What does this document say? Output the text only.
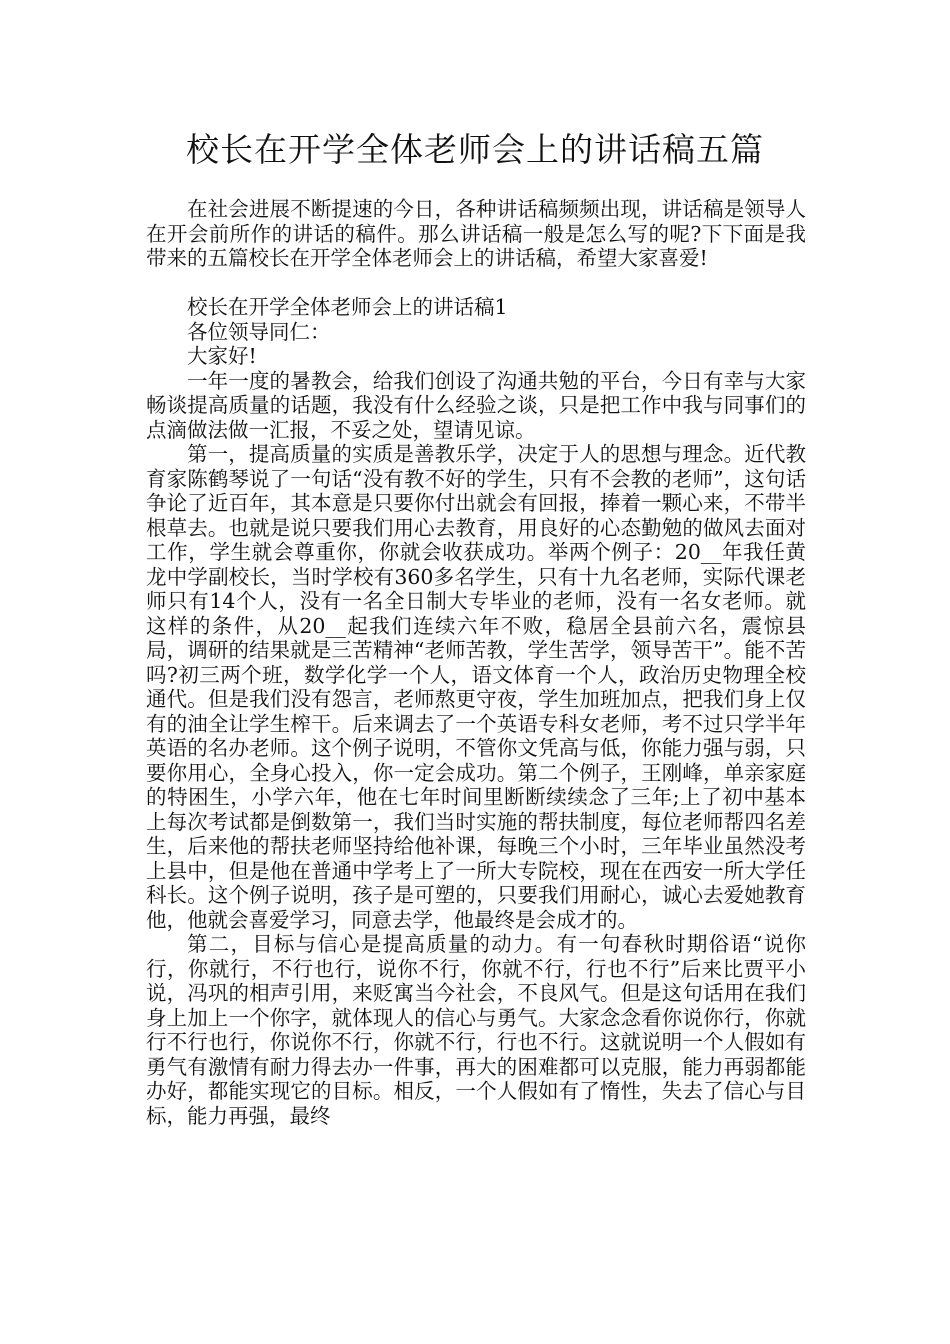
校长在开学全体老师会上的讲话稿五篇

在社会进展不断提速的今日，各种讲话稿频频出现，讲话稿是领导人在开会前所作的讲话的稿件。那么讲话稿一般是怎么写的呢?下下面是我带来的五篇校长在开学全体老师会上的讲话稿，希望大家喜爱!

校长在开学全体老师会上的讲话稿1

各位领导同仁：

大家好!

一年一度的暑教会，给我们创设了沟通共勉的平台，今日有幸与大家畅谈提高质量的话题，我没有什么经验之谈，只是把工作中我与同事们的点滴做法做一汇报，不妥之处，望请见谅。

第一，提高质量的实质是善教乐学，决定于人的思想与理念。近代教育家陈鹤琴说了一句话“没有教不好的学生，只有不会教的老师”，这句话争论了近百年，其本意是只要你付出就会有回报，捧着一颗心来，不带半根草去。也就是说只要我们用心去教育，用良好的心态勤勉的做风去面对工作，学生就会尊重你，你就会收获成功。举两个例子：20__年我任黄龙中学副校长，当时学校有360多名学生，只有十九名老师，实际代课老师只有14个人，没有一名全日制大专毕业的老师，没有一名女老师。就这样的条件，从20__起我们连续六年不败，稳居全县前六名，震惊县局，调研的结果就是三苦精神“老师苦教，学生苦学，领导苦干”。能不苦吗?初三两个班，数学化学一个人，语文体育一个人，政治历史物理全校通代。但是我们没有怨言，老师熬更守夜，学生加班加点，把我们身上仅有的油全让学生榨干。后来调去了一个英语专科女老师，考不过只学半年英语的名办老师。这个例子说明，不管你文凭高与低，你能力强与弱，只要你用心，全身心投入，你一定会成功。第二个例子，王刚峰，单亲家庭的特困生，小学六年，他在七年时间里断断续续念了三年;上了初中基本上每次考试都是倒数第一，我们当时实施的帮扶制度，每位老师帮四名差生，后来他的帮扶老师坚持给他补课，每晚三个小时，三年毕业虽然没考上县中，但是他在普通中学考上了一所大专院校，现在在西安一所大学任科长。这个例子说明，孩子是可塑的，只要我们用耐心，诚心去爱她教育他，他就会喜爱学习，同意去学，他最终是会成才的。

第二，目标与信心是提高质量的动力。有一句春秋时期俗语“说你行，你就行，不行也行，说你不行，你就不行，行也不行”后来比贾平小说，冯巩的相声引用，来贬寓当今社会，不良风气。但是这句话用在我们身上加上一个你字，就体现人的信心与勇气。大家念念看你说你行，你就行不行也行，你说你不行，你就不行，行也不行。这就说明一个人假如有勇气有激情有耐力得去办一件事，再大的困难都可以克服，能力再弱都能办好，都能实现它的目标。相反，一个人假如有了惰性，失去了信心与目标，能力再强，最终
